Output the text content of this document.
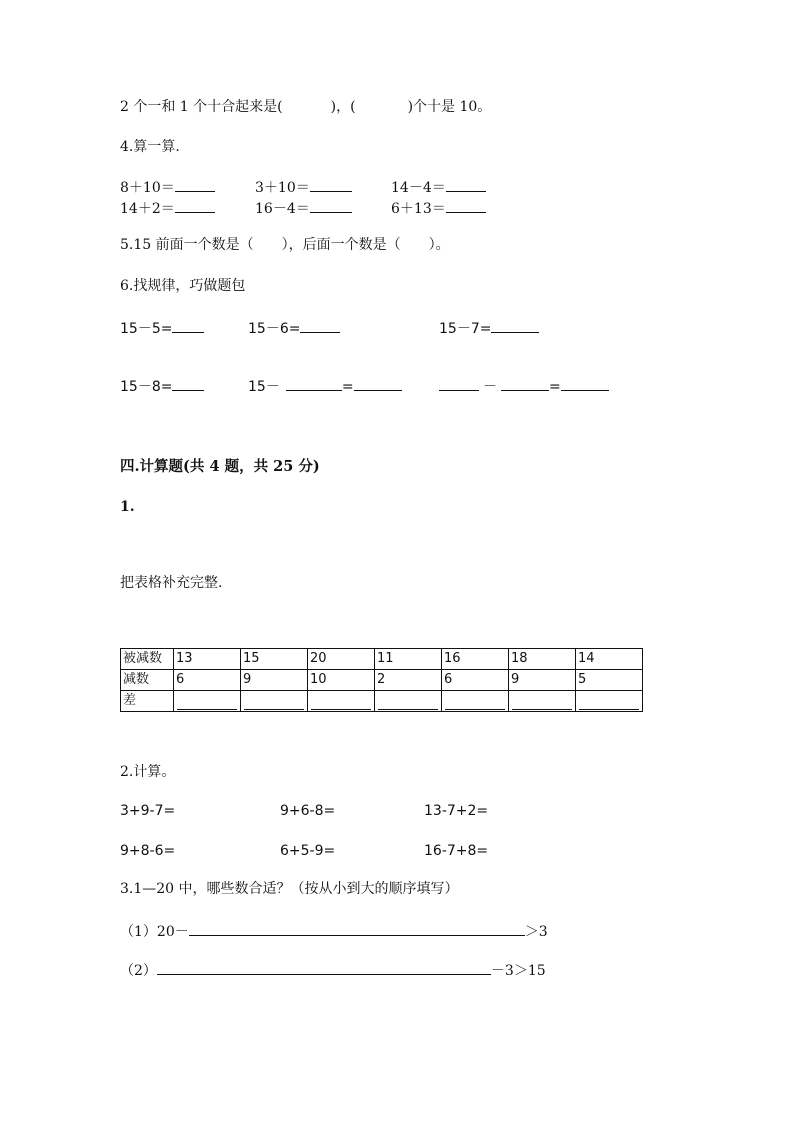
2 个一和 1 个十合起来是(	)，(	)个十是 10。
4.算一算.
8＋10＝	3＋10＝	14－4＝
14＋2＝	16－4＝	6＋13＝
5.15 前面一个数是（ ），后面一个数是（ ）。
6.找规律，巧做题包
15－5=	15－6=	15－7=
15－8=	15－	=	－	=
四.计算题(共 4 题，共 25 分)
1.
把表格补充完整.
被减数	13	15	20	11	16	18	14
减数	6	9	10	2	6	9	5
差	

2.计算。
3+9-7=	9+6-8=	13-7+2=
9+8-6=	6+5-9=	16-7+8=
3.1—20 中，哪些数合适？（按从小到大的顺序填写）
（1）20－	＞3
（2）	－3＞15
